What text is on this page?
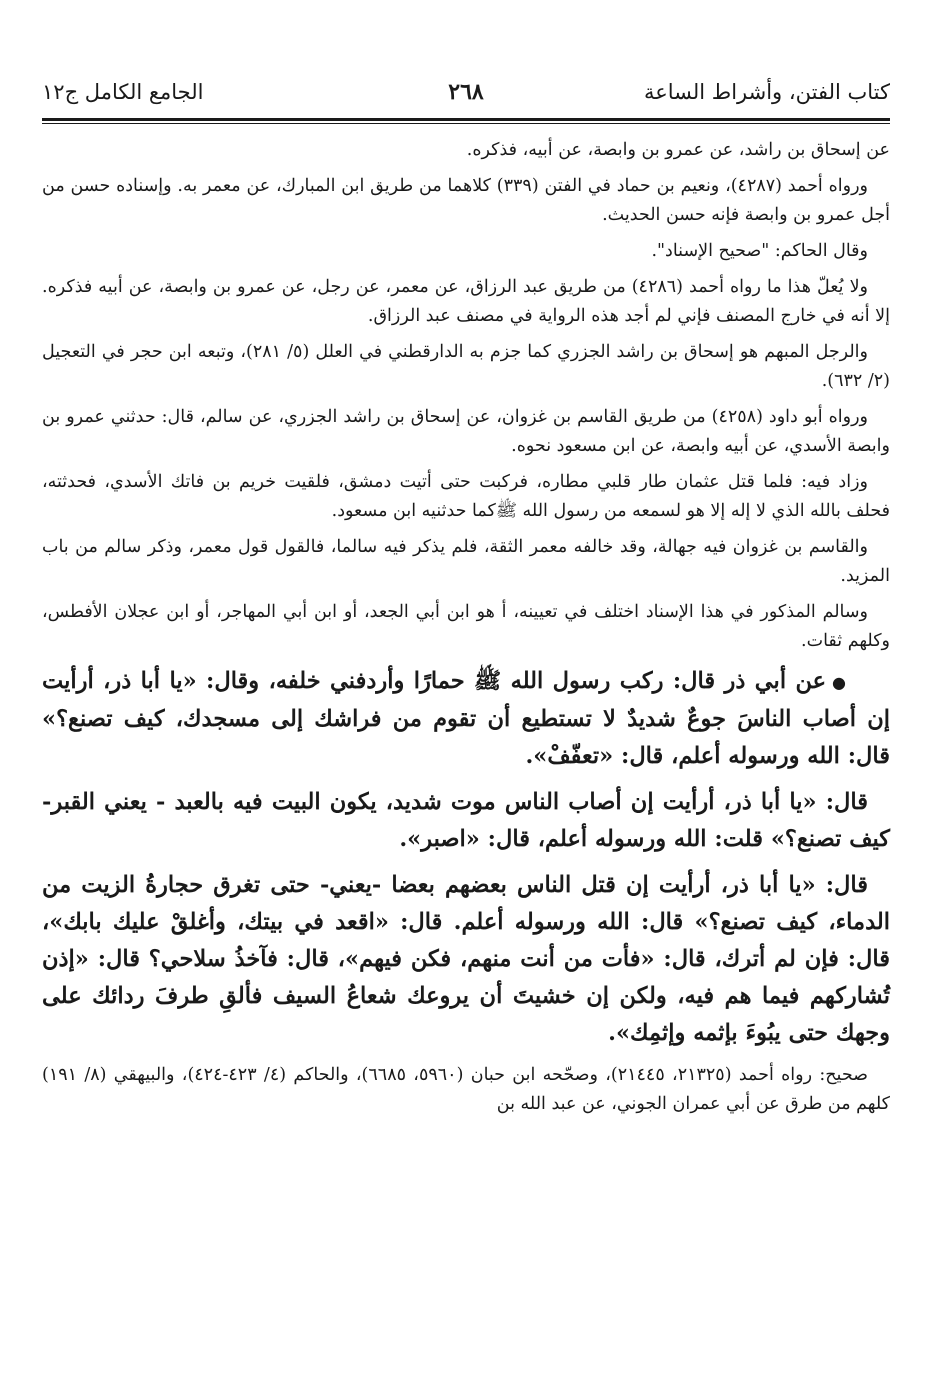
كتاب الفتن، وأشراط الساعة
٢٦٨
الجامع الكامل ج١٢

عن إسحاق بن راشد، عن عمرو بن وابصة، عن أبيه، فذكره.

ورواه أحمد (٤٢٨٧)، ونعيم بن حماد في الفتن (٣٣٩) كلاهما من طريق ابن المبارك، عن معمر به. وإسناده حسن من أجل عمرو بن وابصة فإنه حسن الحديث.

وقال الحاكم: "صحيح الإسناد".

ولا يُعلّ هذا ما رواه أحمد (٤٢٨٦) من طريق عبد الرزاق، عن معمر، عن رجل، عن عمرو بن وابصة، عن أبيه فذكره. إلا أنه في خارج المصنف فإني لم أجد هذه الرواية في مصنف عبد الرزاق.

والرجل المبهم هو إسحاق بن راشد الجزري كما جزم به الدارقطني في العلل (٥/ ٢٨١)، وتبعه ابن حجر في التعجيل (٢/ ٦٣٢).

ورواه أبو داود (٤٢٥٨) من طريق القاسم بن غزوان، عن إسحاق بن راشد الجزري، عن سالم، قال: حدثني عمرو بن وابصة الأسدي، عن أبيه وابصة، عن ابن مسعود نحوه.

وزاد فيه: فلما قتل عثمان طار قلبي مطاره، فركبت حتى أتيت دمشق، فلقيت خريم بن فاتك الأسدي، فحدثته، فحلف بالله الذي لا إله إلا هو لسمعه من رسول الله ﷺكما حدثنيه ابن مسعود.

والقاسم بن غزوان فيه جهالة، وقد خالفه معمر الثقة، فلم يذكر فيه سالما، فالقول قول معمر، وذكر سالم من باب المزيد.

وسالم المذكور في هذا الإسناد اختلف في تعيينه، أ هو ابن أبي الجعد، أو ابن أبي المهاجر، أو ابن عجلان الأفطس، وكلهم ثقات.

●عن أبي ذر قال: ركب رسول الله ﷺ حمارًا وأردفني خلفه، وقال: «يا أبا ذر، أرأيت إن أصاب الناسَ جوعٌ شديدٌ لا تستطيع أن تقوم من فراشك إلى مسجدك، كيف تصنع؟» قال: الله ورسوله أعلم، قال: «تعفّفْ».

قال: «يا أبا ذر، أرأيت إن أصاب الناس موت شديد، يكون البيت فيه بالعبد - يعني القبر- كيف تصنع؟» قلت: الله ورسوله أعلم، قال: «اصبر».

قال: «يا أبا ذر، أرأيت إن قتل الناس بعضهم بعضا -يعني- حتى تغرق حجارةُ الزيت من الدماء، كيف تصنع؟» قال: الله ورسوله أعلم. قال: «اقعد في بيتك، وأغلقْ عليك بابك»، قال: فإن لم أترك، قال: «فأت من أنت منهم، فكن فيهم»، قال: فآخذُ سلاحي؟ قال: «إذن تُشاركهم فيما هم فيه، ولكن إن خشيتَ أن يروعك شعاعُ السيف فألقِ طرفَ ردائك على وجهك حتى يبُوءَ بإثمه وإثمِك».

صحيح: رواه أحمد (٢١٣٢٥، ٢١٤٤٥)، وصحّحه ابن حبان (٥٩٦٠، ٦٦٨٥)، والحاكم (٤/ ٤٢٣-٤٢٤)، والبيهقي (٨/ ١٩١) كلهم من طرق عن أبي عمران الجوني، عن عبد الله بن
